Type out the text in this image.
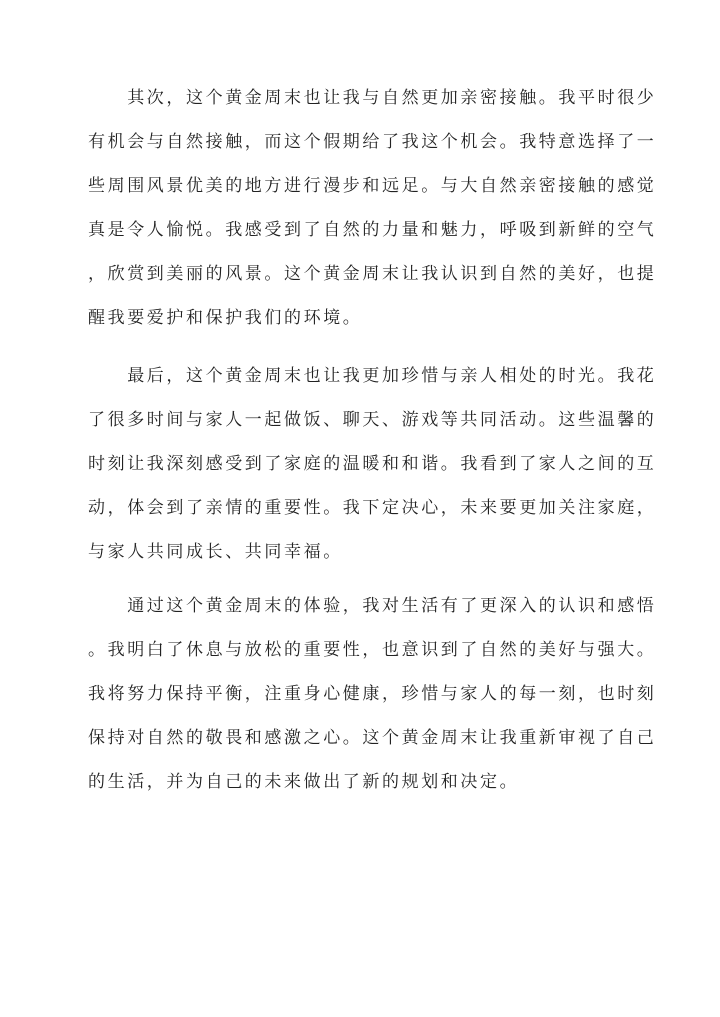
　　其次，这个黄金周末也让我与自然更加亲密接触。我平时很少
有机会与自然接触，而这个假期给了我这个机会。我特意选择了一
些周围风景优美的地方进行漫步和远足。与大自然亲密接触的感觉
真是令人愉悦。我感受到了自然的力量和魅力，呼吸到新鲜的空气
，欣赏到美丽的风景。这个黄金周末让我认识到自然的美好，也提
醒我要爱护和保护我们的环境。
　　最后，这个黄金周末也让我更加珍惜与亲人相处的时光。我花
了很多时间与家人一起做饭、聊天、游戏等共同活动。这些温馨的
时刻让我深刻感受到了家庭的温暖和和谐。我看到了家人之间的互
动，体会到了亲情的重要性。我下定决心，未来要更加关注家庭，
与家人共同成长、共同幸福。
　　通过这个黄金周末的体验，我对生活有了更深入的认识和感悟
。我明白了休息与放松的重要性，也意识到了自然的美好与强大。
我将努力保持平衡，注重身心健康，珍惜与家人的每一刻，也时刻
保持对自然的敬畏和感激之心。这个黄金周末让我重新审视了自己
的生活，并为自己的未来做出了新的规划和决定。
